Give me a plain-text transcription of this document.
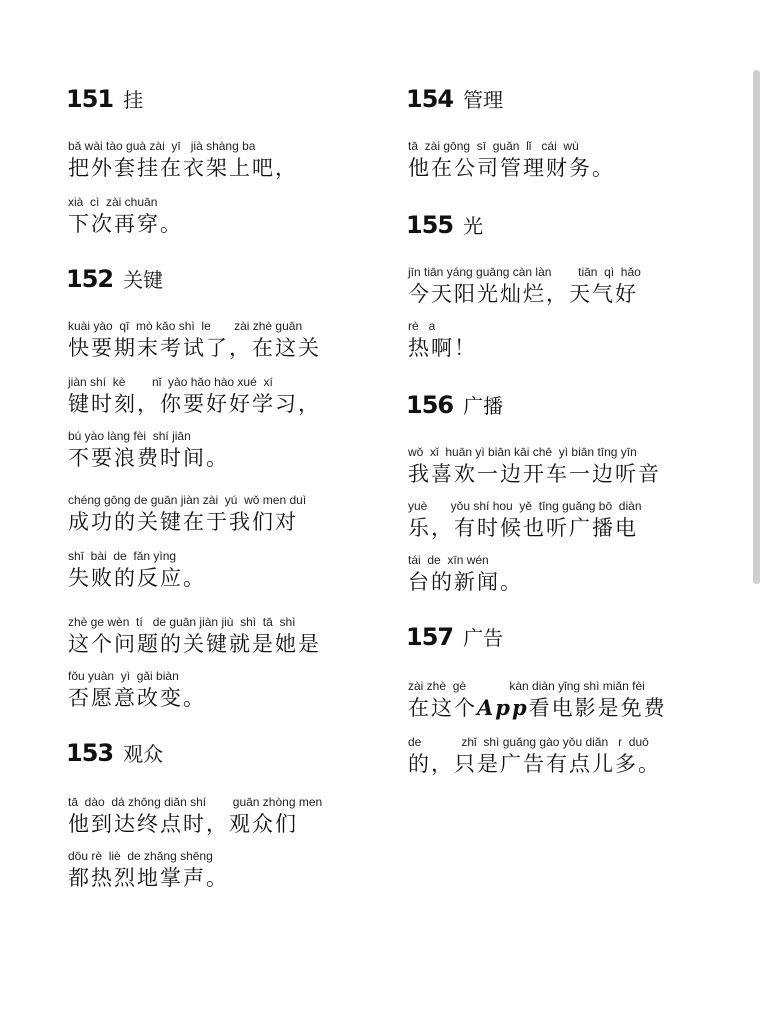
151 挂
bǎ wài tào guà zài  yī   jià shàng ba
把外套挂在衣架上吧，
xià  cì  zài chuān
下次再穿。
152 关键
kuài yào  qī  mò kǎo shì  le       zài zhè guān
快要期末考试了，在这关
jiàn shí  kè        nǐ  yào hǎo hào xué  xí
键时刻，你要好好学习，
bú yào làng fèi  shí jiān
不要浪费时间。
chéng gōng de guān jiàn zài  yú  wǒ men duì
成功的关键在于我们对
shī  bài  de  fǎn yìng
失败的反应。
zhè ge wèn  tí   de guān jiàn jiù  shì  tā  shì
这个问题的关键就是她是
fǒu yuàn  yì  gǎi biàn
否愿意改变。
153 观众
tā  dào  dá zhōng diǎn shí        guān zhòng men
他到达终点时，观众们
dōu rè  liè  de zhǎng shēng
都热烈地掌声。
154 管理
tā  zài gōng  sī  guǎn  lǐ   cái  wù
他在公司管理财务。
155 光
jīn tiān yáng guāng càn làn        tiān  qì  hǎo
今天阳光灿烂，天气好
rè   a
热啊！
156 广播
wǒ  xǐ  huān yì biān kāi chē  yì biān tīng yīn
我喜欢一边开车一边听音
yuè       yǒu shí hou  yě  tīng guǎng bō  diàn
乐，有时候也听广播电
tái  de  xīn wén
台的新闻。
157 广告
zài zhè  gè             kàn diàn yǐng shì miǎn fèi
在这个App看电影是免费
de            zhǐ  shì guǎng gào yǒu diǎn   r  duō
的，只是广告有点儿多。
